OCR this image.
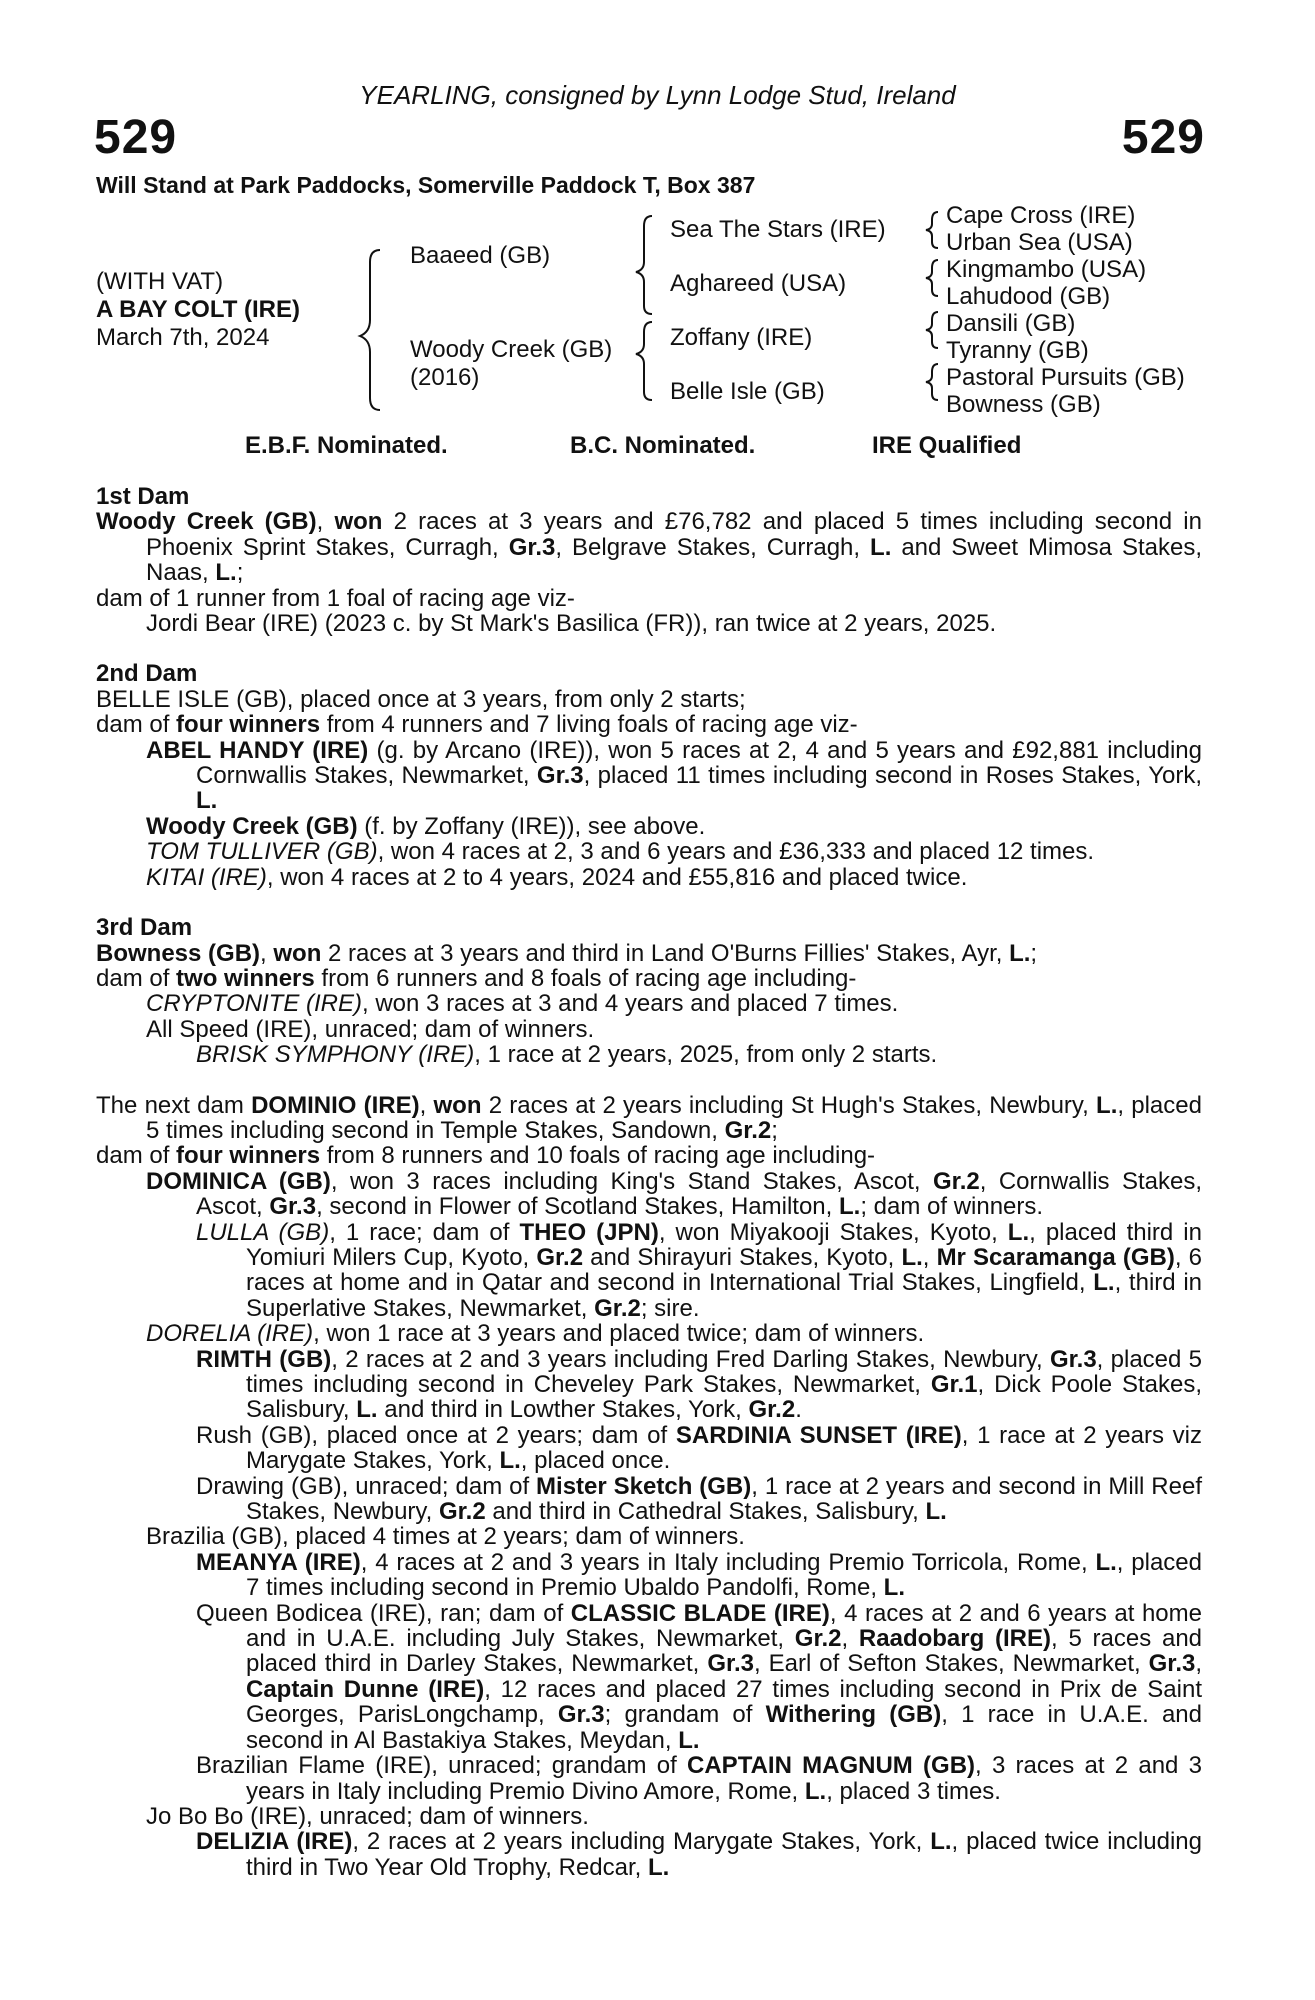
YEARLING, consigned by Lynn Lodge Stud, Ireland
529	529
Will Stand at Park Paddocks, Somerville Paddock T, Box 387
(WITH VAT)
A BAY COLT (IRE)
March 7th, 2024
Baaeed (GB)
Woody Creek (GB)
(2016)
Sea The Stars (IRE)
Aghareed (USA)
Zoffany (IRE)
Belle Isle (GB)
Cape Cross (IRE)
Urban Sea (USA)
Kingmambo (USA)
Lahudood (GB)
Dansili (GB)
Tyranny (GB)
Pastoral Pursuits (GB)
Bowness (GB)
E.B.F. Nominated.	B.C. Nominated.	IRE Qualified

1st Dam

Woody Creek (GB), won 2 races at 3 years and £76,782 and placed 5 times including second in Phoenix Sprint Stakes, Curragh, Gr.3, Belgrave Stakes, Curragh, L. and Sweet Mimosa Stakes, Naas, L.;

dam of 1 runner from 1 foal of racing age viz-

Jordi Bear (IRE) (2023 c. by St Mark's Basilica (FR)), ran twice at 2 years, 2025.

2nd Dam

BELLE ISLE (GB), placed once at 3 years, from only 2 starts;

dam of four winners from 4 runners and 7 living foals of racing age viz-

ABEL HANDY (IRE) (g. by Arcano (IRE)), won 5 races at 2, 4 and 5 years and £92,881 including Cornwallis Stakes, Newmarket, Gr.3, placed 11 times including second in Roses Stakes, York, L.

Woody Creek (GB) (f. by Zoffany (IRE)), see above.

TOM TULLIVER (GB), won 4 races at 2, 3 and 6 years and £36,333 and placed 12 times.

KITAI (IRE), won 4 races at 2 to 4 years, 2024 and £55,816 and placed twice.

3rd Dam

Bowness (GB), won 2 races at 3 years and third in Land O'Burns Fillies' Stakes, Ayr, L.;

dam of two winners from 6 runners and 8 foals of racing age including-

CRYPTONITE (IRE), won 3 races at 3 and 4 years and placed 7 times.

All Speed (IRE), unraced; dam of winners.

BRISK SYMPHONY (IRE), 1 race at 2 years, 2025, from only 2 starts.

The next dam DOMINIO (IRE), won 2 races at 2 years including St Hugh's Stakes, Newbury, L., placed 5 times including second in Temple Stakes, Sandown, Gr.2;

dam of four winners from 8 runners and 10 foals of racing age including-

DOMINICA (GB), won 3 races including King's Stand Stakes, Ascot, Gr.2, Cornwallis Stakes, Ascot, Gr.3, second in Flower of Scotland Stakes, Hamilton, L.; dam of winners.

LULLA (GB), 1 race; dam of THEO (JPN), won Miyakooji Stakes, Kyoto, L., placed third in Yomiuri Milers Cup, Kyoto, Gr.2 and Shirayuri Stakes, Kyoto, L., Mr Scaramanga (GB), 6 races at home and in Qatar and second in International Trial Stakes, Lingfield, L., third in Superlative Stakes, Newmarket, Gr.2; sire.

DORELIA (IRE), won 1 race at 3 years and placed twice; dam of winners.

RIMTH (GB), 2 races at 2 and 3 years including Fred Darling Stakes, Newbury, Gr.3, placed 5 times including second in Cheveley Park Stakes, Newmarket, Gr.1, Dick Poole Stakes, Salisbury, L. and third in Lowther Stakes, York, Gr.2.

Rush (GB), placed once at 2 years; dam of SARDINIA SUNSET (IRE), 1 race at 2 years viz Marygate Stakes, York, L., placed once.

Drawing (GB), unraced; dam of Mister Sketch (GB), 1 race at 2 years and second in Mill Reef Stakes, Newbury, Gr.2 and third in Cathedral Stakes, Salisbury, L.

Brazilia (GB), placed 4 times at 2 years; dam of winners.

MEANYA (IRE), 4 races at 2 and 3 years in Italy including Premio Torricola, Rome, L., placed 7 times including second in Premio Ubaldo Pandolfi, Rome, L.

Queen Bodicea (IRE), ran; dam of CLASSIC BLADE (IRE), 4 races at 2 and 6 years at home and in U.A.E. including July Stakes, Newmarket, Gr.2, Raadobarg (IRE), 5 races and placed third in Darley Stakes, Newmarket, Gr.3, Earl of Sefton Stakes, Newmarket, Gr.3, Captain Dunne (IRE), 12 races and placed 27 times including second in Prix de Saint Georges, ParisLongchamp, Gr.3; grandam of Withering (GB), 1 race in U.A.E. and second in Al Bastakiya Stakes, Meydan, L.

Brazilian Flame (IRE), unraced; grandam of CAPTAIN MAGNUM (GB), 3 races at 2 and 3 years in Italy including Premio Divino Amore, Rome, L., placed 3 times.

Jo Bo Bo (IRE), unraced; dam of winners.

DELIZIA (IRE), 2 races at 2 years including Marygate Stakes, York, L., placed twice including third in Two Year Old Trophy, Redcar, L.
